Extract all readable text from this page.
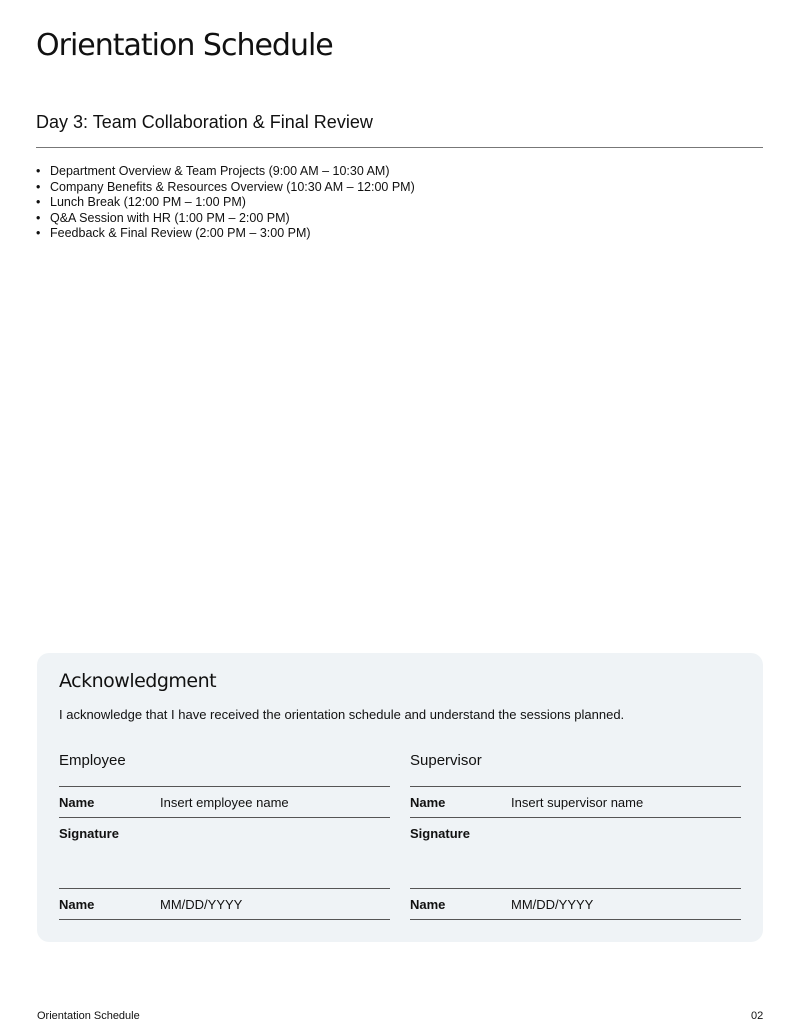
Orientation Schedule
Day 3: Team Collaboration & Final Review
• Department Overview & Team Projects (9:00 AM – 10:30 AM)
• Company Benefits & Resources Overview (10:30 AM – 12:00 PM)
• Lunch Break (12:00 PM – 1:00 PM)
• Q&A Session with HR (1:00 PM – 2:00 PM)
• Feedback & Final Review (2:00 PM – 3:00 PM)
Acknowledgment
I acknowledge that I have received the orientation schedule and understand the sessions planned.
Employee
Name	Insert employee name
Signature
Name	MM/DD/YYYY
Supervisor
Name	Insert supervisor name
Signature
Name	MM/DD/YYYY
Orientation Schedule	02
